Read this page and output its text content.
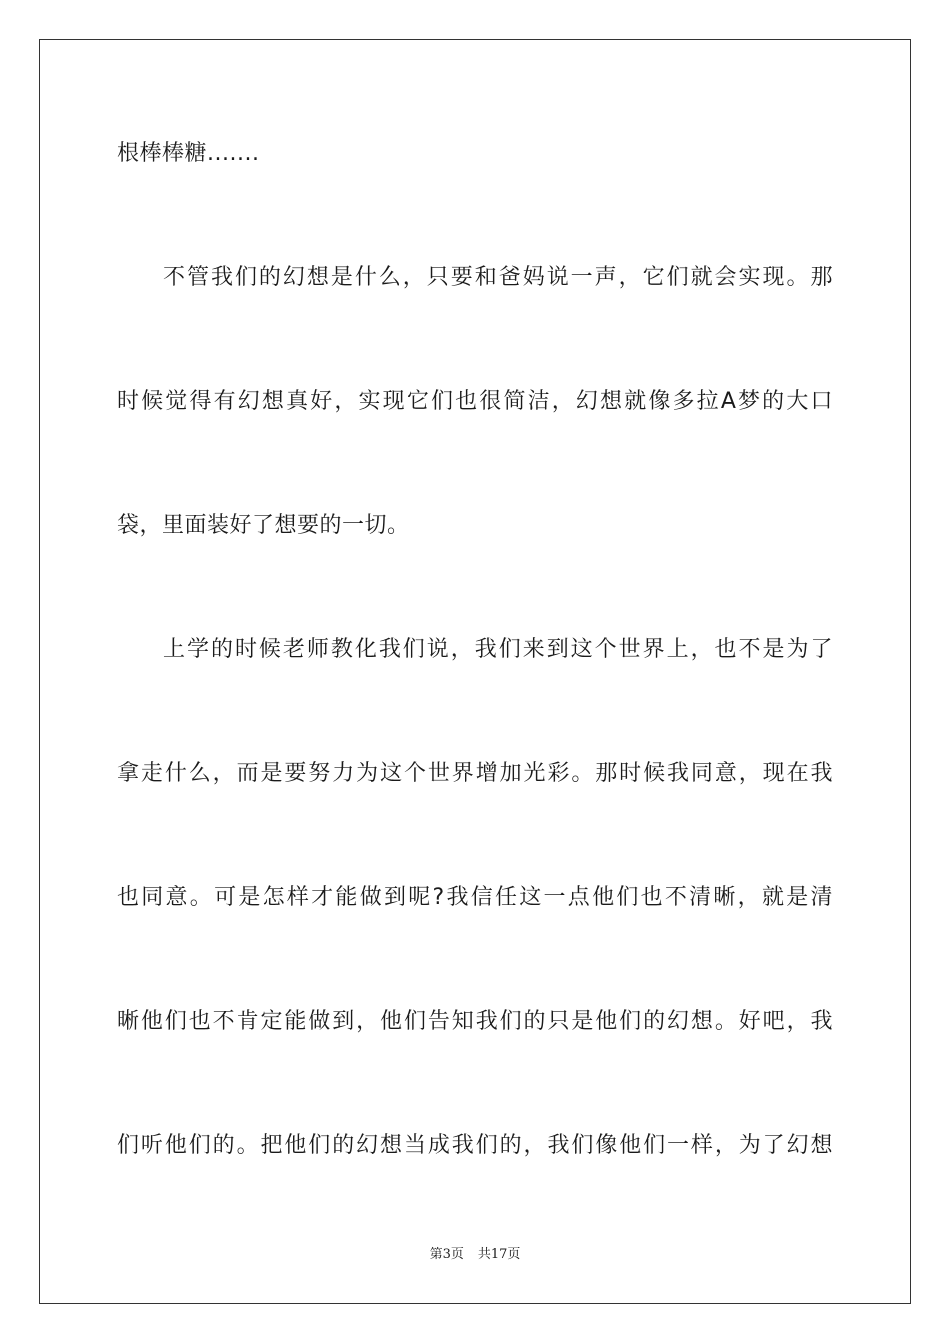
根棒棒糖.......
不管我们的幻想是什么，只要和爸妈说一声，它们就会实现。那
时候觉得有幻想真好，实现它们也很简洁，幻想就像多拉A梦的大口
袋，里面装好了想要的一切。
上学的时候老师教化我们说，我们来到这个世界上，也不是为了
拿走什么，而是要努力为这个世界增加光彩。那时候我同意，现在我
也同意。可是怎样才能做到呢?我信任这一点他们也不清晰，就是清
晰他们也不肯定能做到，他们告知我们的只是他们的幻想。好吧，我
们听他们的。把他们的幻想当成我们的，我们像他们一样，为了幻想
第3页 共17页
